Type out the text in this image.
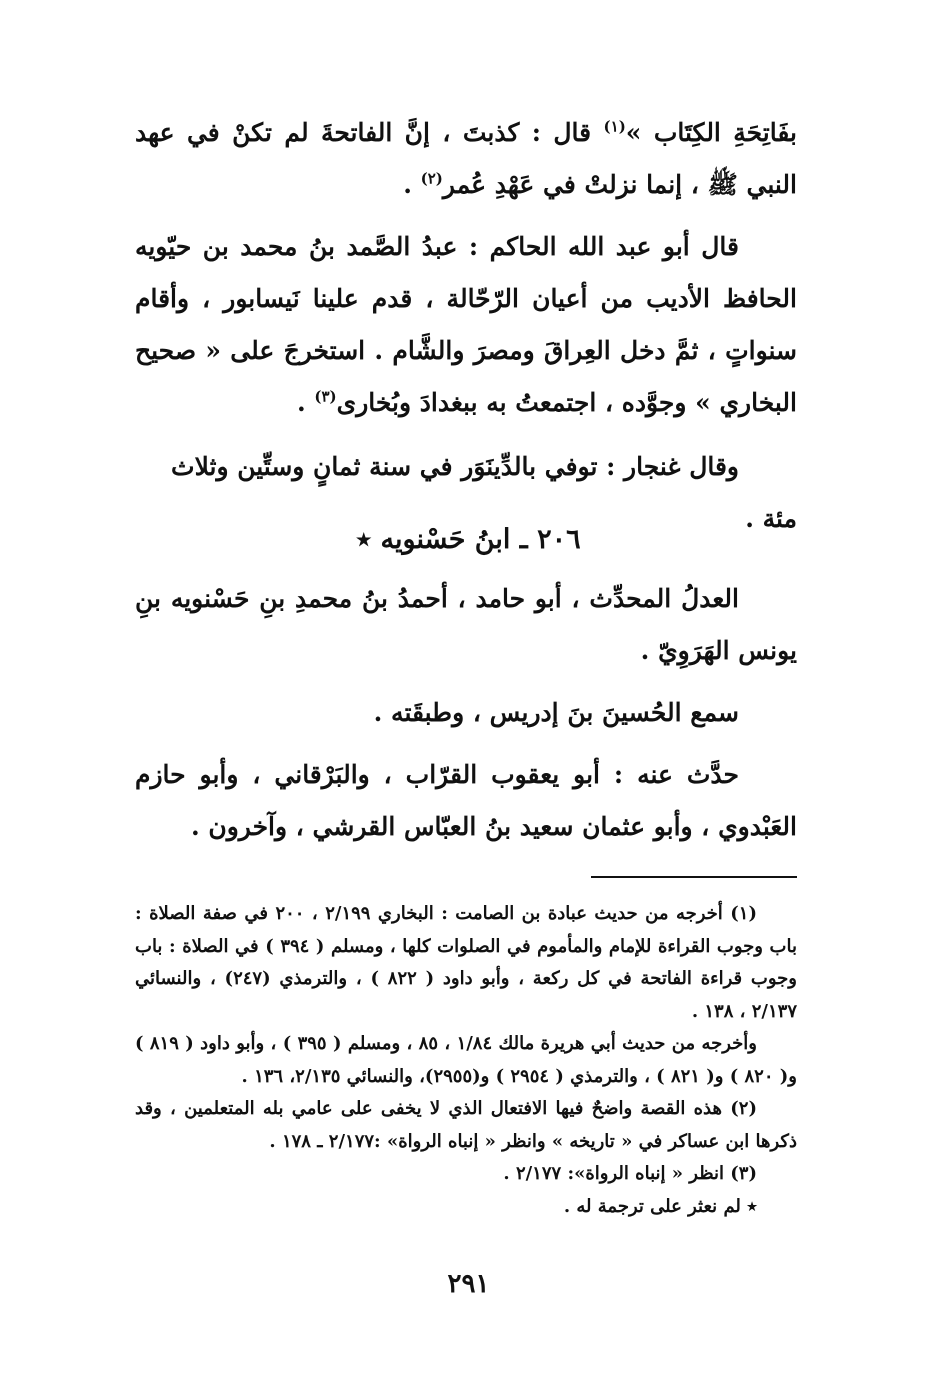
بفَاتِحَةِ الكِتَاب »$^{(١)}$ قال : كذبتَ ، إنَّ الفاتحةَ لم تكنْ في عهد النبي ﷺ ، إنما نزلتْ في عَهْدِ عُمر$^{(٢)}$ .

قال أبو عبد الله الحاكم : عبدُ الصَّمد بنُ محمد بن حيّويه الحافظ الأديب من أعيان الرّحّالة ، قدم علينا نَيسابور ، وأقام سنواتٍ ، ثمَّ دخل العِراقَ ومصرَ والشَّام . استخرجَ على « صحيح البخاري » وجوَّده ، اجتمعتُ به ببغدادَ وبُخارى$^{(٣)}$ .

وقال غنجار : توفي بالدِّينَوَر في سنة ثمانٍ وستِّين وثلاث مئة .

٢٠٦ ـ ابنُ حَسْنويه ٭

العدلُ المحدِّث ، أبو حامد ، أحمدُ بنُ محمدِ بنِ حَسْنويه بنِ يونس الهَرَوِيّ .

سمع الحُسينَ بنَ إدريس ، وطبقَته .

حدَّث عنه : أبو يعقوب القرّاب ، والبَرْقاني ، وأبو حازم العَبْدوي ، وأبو عثمان سعيد بنُ العبّاس القرشي ، وآخرون .

(١) أخرجه من حديث عبادة بن الصامت : البخاري ٢/١٩٩ ، ٢٠٠ في صفة الصلاة : باب وجوب القراءة للإمام والمأموم في الصلوات كلها ، ومسلم ( ٣٩٤ ) في الصلاة : باب وجوب قراءة الفاتحة في كل ركعة ، وأبو داود ( ٨٢٢ ) ، والترمذي (٢٤٧) ، والنسائي ٢/١٣٧ ، ١٣٨ .

وأخرجه من حديث أبي هريرة مالك ١/٨٤ ، ٨٥ ، ومسلم ( ٣٩٥ ) ، وأبو داود ( ٨١٩ ) و( ٨٢٠ ) و( ٨٢١ ) ، والترمذي ( ٢٩٥٤ ) و(٢٩٥٥)، والنسائي ٢/١٣٥، ١٣٦ .

(٢) هذه القصة واضحٌ فيها الافتعال الذي لا يخفى على عامي بله المتعلمين ، وقد ذكرها ابن عساكر في « تاريخه » وانظر « إنباه الرواة» :٢/١٧٧ ـ ١٧٨ .

(٣) انظر « إنباه الرواة»: ٢/١٧٧ .

٭ لم نعثر على ترجمة له .

٢٩١
